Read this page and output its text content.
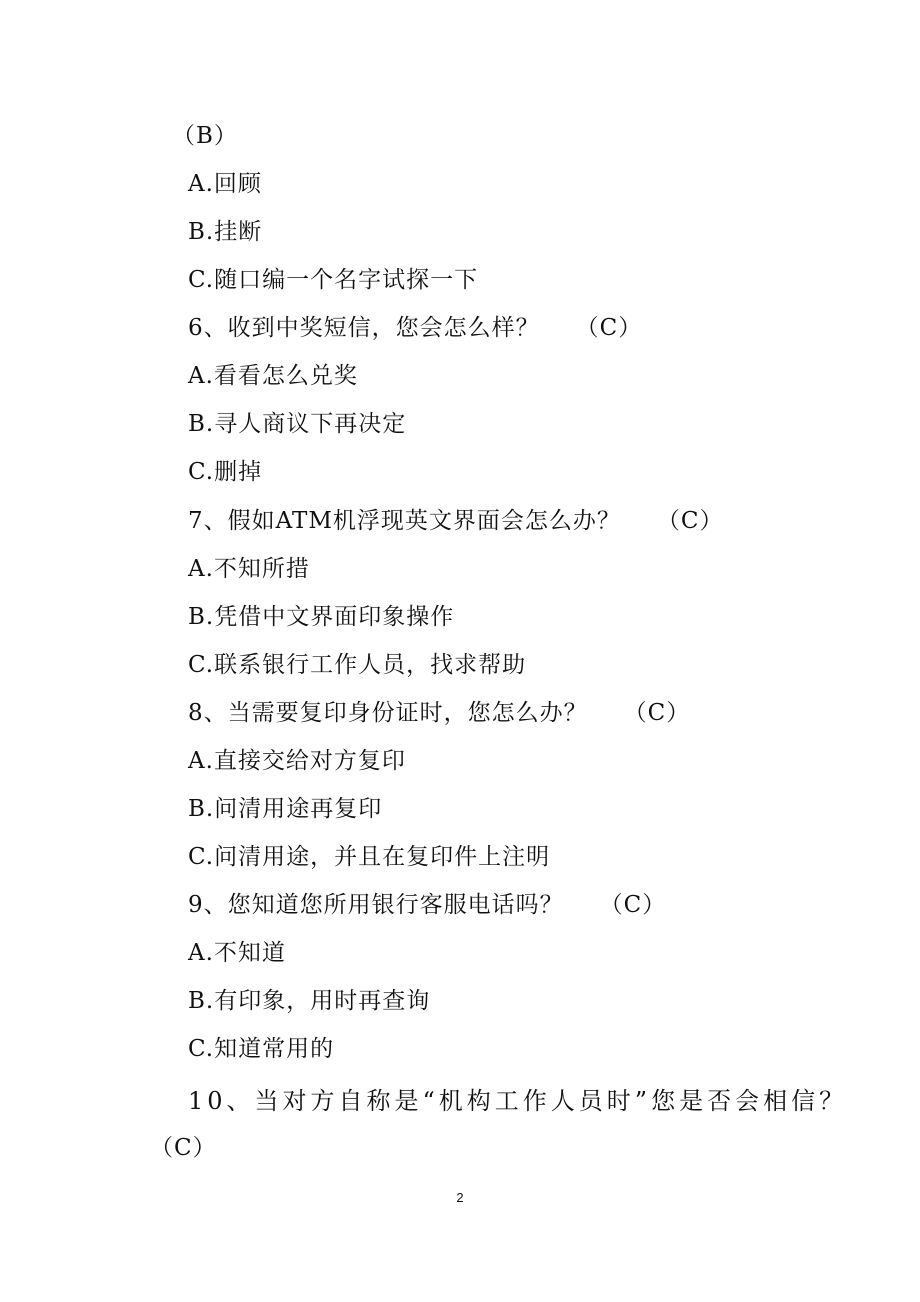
（B）
A.回顾
B.挂断
C.随口编一个名字试探一下
6、收到中奖短信，您会怎么样？ （C）
A.看看怎么兑奖
B.寻人商议下再决定
C.删掉
7、假如ATM机浮现英文界面会怎么办？ （C）
A.不知所措
B.凭借中文界面印象操作
C.联系银行工作人员，找求帮助
8、当需要复印身份证时，您怎么办？ （C）
A.直接交给对方复印
B.问清用途再复印
C.问清用途，并且在复印件上注明
9、您知道您所用银行客服电话吗？ （C）
A.不知道
B.有印象，用时再查询
C.知道常用的
10、当对方自称是“机构工作人员时”您是否会相信？
（C）
2
